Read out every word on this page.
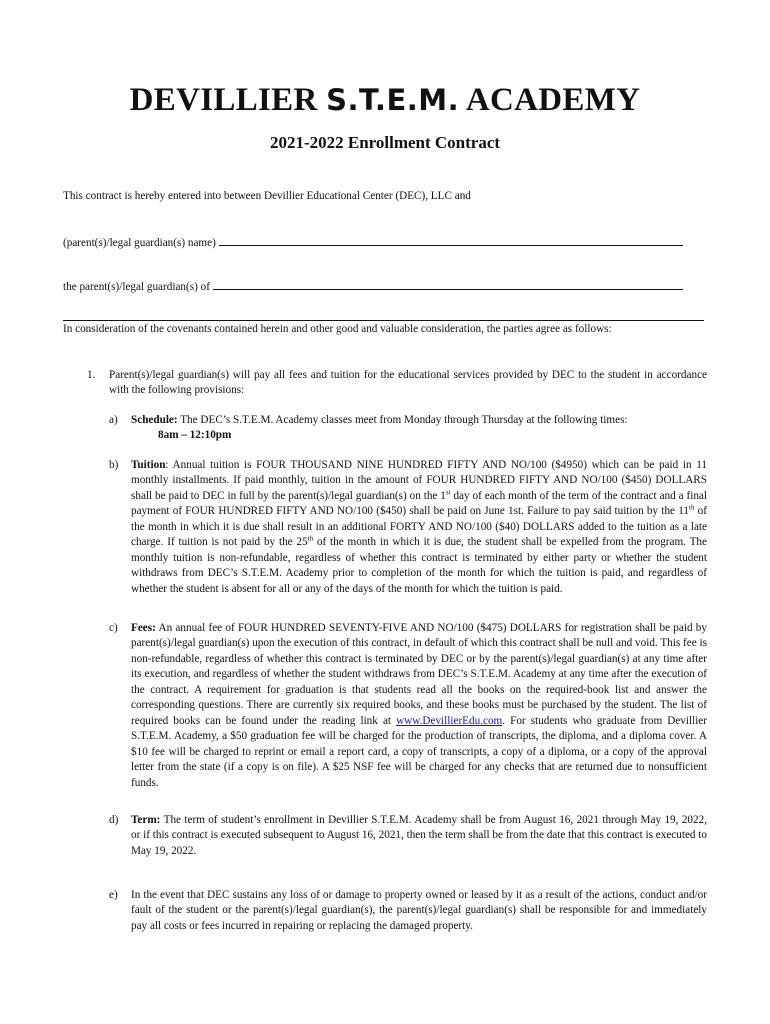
DEVILLIER S.T.E.M. ACADEMY
2021-2022 Enrollment Contract
This contract is hereby entered into between Devillier Educational Center (DEC), LLC and
(parent(s)/legal guardian(s) name)
the parent(s)/legal guardian(s) of
In consideration of the covenants contained herein and other good and valuable consideration, the parties agree as follows:
1. Parent(s)/legal guardian(s) will pay all fees and tuition for the educational services provided by DEC to the student in accordance with the following provisions:
a) Schedule: The DEC’s S.T.E.M. Academy classes meet from Monday through Thursday at the following times:
8am – 12:10pm
b) Tuition: Annual tuition is FOUR THOUSAND NINE HUNDRED FIFTY AND NO/100 ($4950) which can be paid in 11 monthly installments. If paid monthly, tuition in the amount of FOUR HUNDRED FIFTY AND NO/100 ($450) DOLLARS shall be paid to DEC in full by the parent(s)/legal guardian(s) on the 1st day of each month of the term of the contract and a final payment of FOUR HUNDRED FIFTY AND NO/100 ($450) shall be paid on June 1st. Failure to pay said tuition by the 11th of the month in which it is due shall result in an additional FORTY AND NO/100 ($40) DOLLARS added to the tuition as a late charge. If tuition is not paid by the 25th of the month in which it is due, the student shall be expelled from the program. The monthly tuition is non-refundable, regardless of whether this contract is terminated by either party or whether the student withdraws from DEC’s S.T.E.M. Academy prior to completion of the month for which the tuition is paid, and regardless of whether the student is absent for all or any of the days of the month for which the tuition is paid.
c) Fees: An annual fee of FOUR HUNDRED SEVENTY-FIVE AND NO/100 ($475) DOLLARS for registration shall be paid by parent(s)/legal guardian(s) upon the execution of this contract, in default of which this contract shall be null and void. This fee is non-refundable, regardless of whether this contract is terminated by DEC or by the parent(s)/legal guardian(s) at any time after its execution, and regardless of whether the student withdraws from DEC’s S.T.E.M. Academy at any time after the execution of the contract. A requirement for graduation is that students read all the books on the required-book list and answer the corresponding questions. There are currently six required books, and these books must be purchased by the student. The list of required books can be found under the reading link at www.DevillierEdu.com. For students who graduate from Devillier S.T.E.M. Academy, a $50 graduation fee will be charged for the production of transcripts, the diploma, and a diploma cover. A $10 fee will be charged to reprint or email a report card, a copy of transcripts, a copy of a diploma, or a copy of the approval letter from the state (if a copy is on file). A $25 NSF fee will be charged for any checks that are returned due to nonsufficient funds.
d) Term: The term of student’s enrollment in Devillier S.T.E.M. Academy shall be from August 16, 2021 through May 19, 2022, or if this contract is executed subsequent to August 16, 2021, then the term shall be from the date that this contract is executed to May 19, 2022.
e) In the event that DEC sustains any loss of or damage to property owned or leased by it as a result of the actions, conduct and/or fault of the student or the parent(s)/legal guardian(s), the parent(s)/legal guardian(s) shall be responsible for and immediately pay all costs or fees incurred in repairing or replacing the damaged property.
